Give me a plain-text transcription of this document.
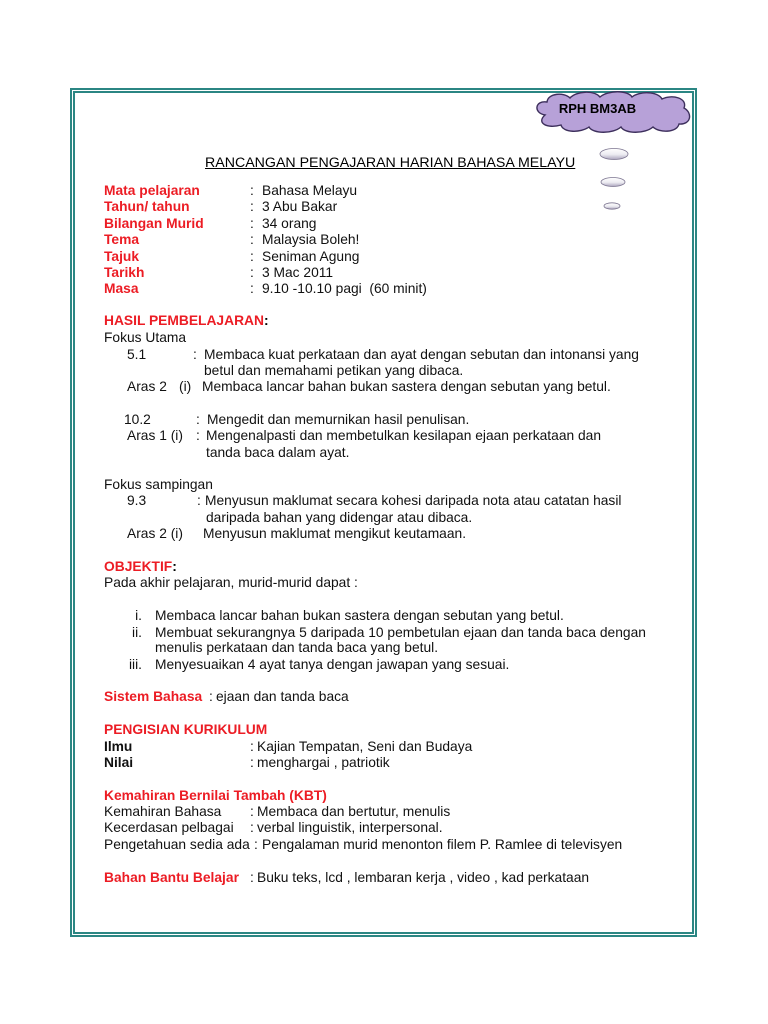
RPH BM3AB
RANCANGAN PENGAJARAN HARIAN BAHASA MELAYU
Mata pelajaran	: Bahasa Melayu
Tahun/ tahun	: 3 Abu Bakar
Bilangan Murid	: 34 orang
Tema	: Malaysia Boleh!
Tajuk	: Seniman Agung
Tarikh	: 3 Mac 2011
Masa	: 9.10 -10.10 pagi  (60 minit)
HASIL PEMBELAJARAN:
Fokus Utama
5.1	: Membaca kuat perkataan dan ayat dengan sebutan dan intonansi yang
betul dan memahami petikan yang dibaca.
Aras 2 (i) Membaca lancar bahan bukan sastera dengan sebutan yang betul.
10.2	: Mengedit dan memurnikan hasil penulisan.
Aras 1 (i) : Mengenalpasti dan membetulkan kesilapan ejaan perkataan dan
tanda baca dalam ayat.
Fokus sampingan
9.3	: Menyusun maklumat secara kohesi daripada nota atau catatan hasil
daripada bahan yang didengar atau dibaca.
Aras 2 (i) Menyusun maklumat mengikut keutamaan.
OBJEKTIF:
Pada akhir pelajaran, murid-murid dapat :
i. Membaca lancar bahan bukan sastera dengan sebutan yang betul.
ii. Membuat sekurangnya 5 daripada 10 pembetulan ejaan dan tanda baca dengan
menulis perkataan dan tanda baca yang betul.
iii. Menyesuaikan 4 ayat tanya dengan jawapan yang sesuai.
Sistem Bahasa : ejaan dan tanda baca
PENGISIAN KURIKULUM
Ilmu	: Kajian Tempatan, Seni dan Budaya
Nilai	: menghargai , patriotik
Kemahiran Bernilai Tambah (KBT)
Kemahiran Bahasa : Membaca dan bertutur, menulis
Kecerdasan pelbagai : verbal linguistik, interpersonal.
Pengetahuan sedia ada : Pengalaman murid menonton filem P. Ramlee di televisyen
Bahan Bantu Belajar : Buku teks, lcd , lembaran kerja , video , kad perkataan
